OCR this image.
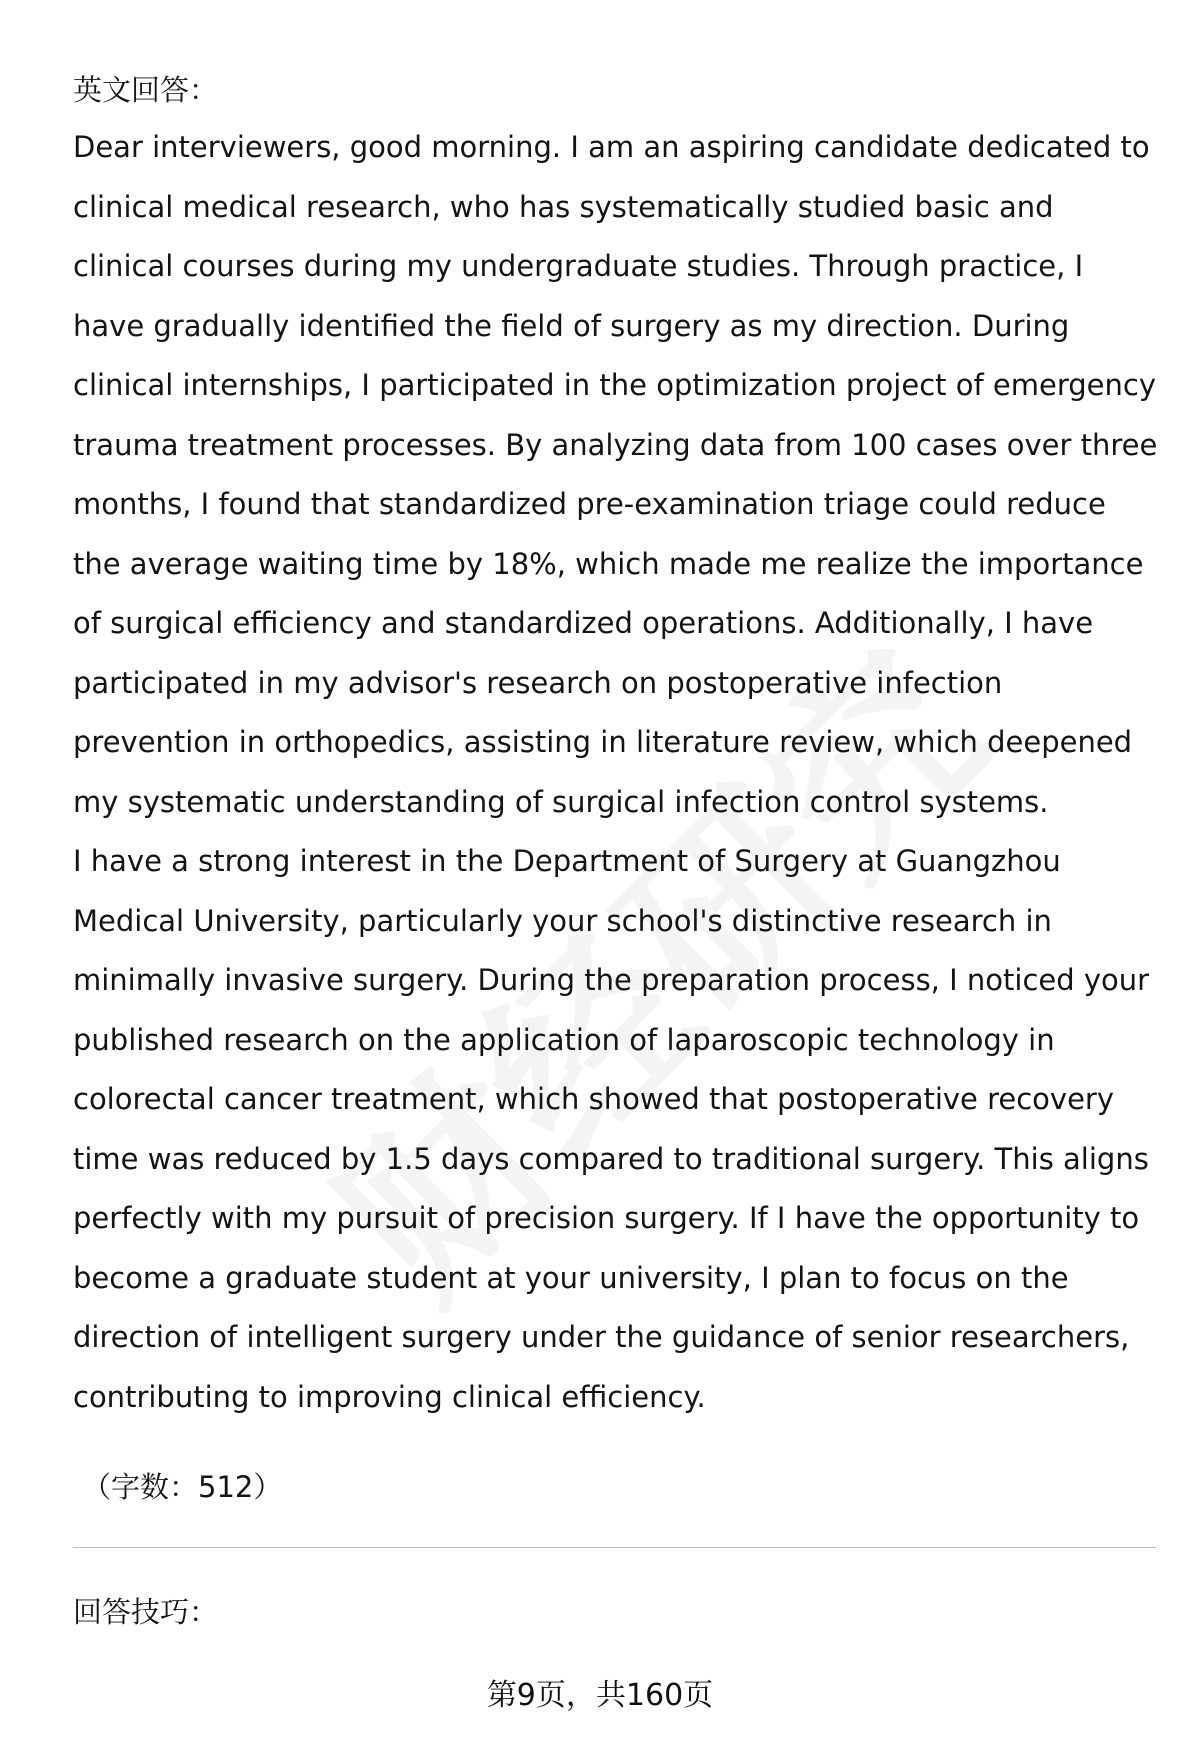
英文回答：

Dear interviewers, good morning. I am an aspiring candidate dedicated to clinical medical research, who has systematically studied basic and clinical courses during my undergraduate studies. Through practice, I have gradually identified the field of surgery as my direction. During clinical internships, I participated in the optimization project of emergency trauma treatment processes. By analyzing data from 100 cases over three months, I found that standardized pre-examination triage could reduce the average waiting time by 18%, which made me realize the importance of surgical efficiency and standardized operations. Additionally, I have participated in my advisor's research on postoperative infection prevention in orthopedics, assisting in literature review, which deepened my systematic understanding of surgical infection control systems.

I have a strong interest in the Department of Surgery at Guangzhou Medical University, particularly your school's distinctive research in minimally invasive surgery. During the preparation process, I noticed your published research on the application of laparoscopic technology in colorectal cancer treatment, which showed that postoperative recovery time was reduced by 1.5 days compared to traditional surgery. This aligns perfectly with my pursuit of precision surgery. If I have the opportunity to become a graduate student at your university, I plan to focus on the direction of intelligent surgery under the guidance of senior researchers, contributing to improving clinical efficiency.

（字数：512）
回答技巧：
第9页，共160页
